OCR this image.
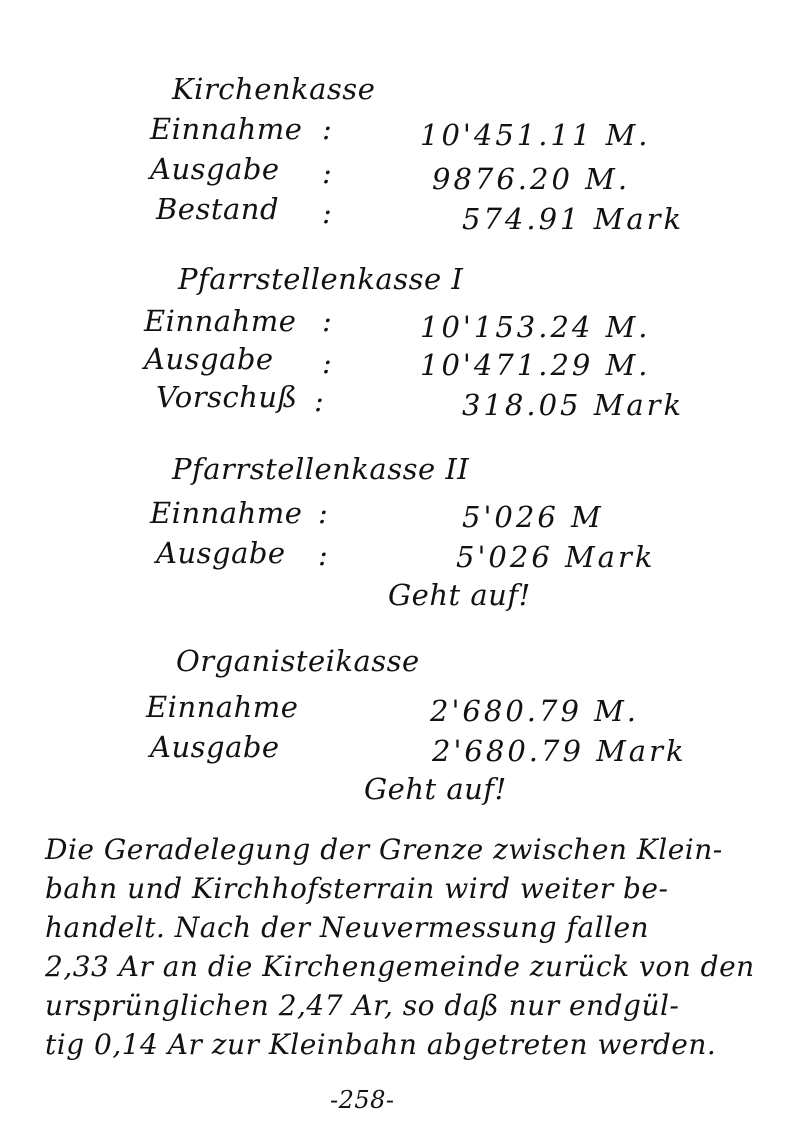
Kirchenkasse
Einnahme :	10'451.11 M.
Ausgabe :	9876.20 M.
Bestand :	574.91 Mark
Pfarrstellenkasse I
Einnahme :	10'153.24 M.
Ausgabe :	10'471.29 M.
Vorschuß :	318.05 Mark
Pfarrstellenkasse II
Einnahme :	5'026 M
Ausgabe :	5'026 Mark
Geht auf!
Organisteikasse
Einnahme	2'680.79 M.
Ausgabe	2'680.79 Mark
Geht auf!
Die Geradelegung der Grenze zwischen Klein-
bahn und Kirchhofsterrain wird weiter be-
handelt. Nach der Neuvermessung fallen
2,33 Ar an die Kirchengemeinde zurück von den
ursprünglichen 2,47 Ar, so daß nur endgül-
tig 0,14 Ar zur Kleinbahn abgetreten werden.
-258-
